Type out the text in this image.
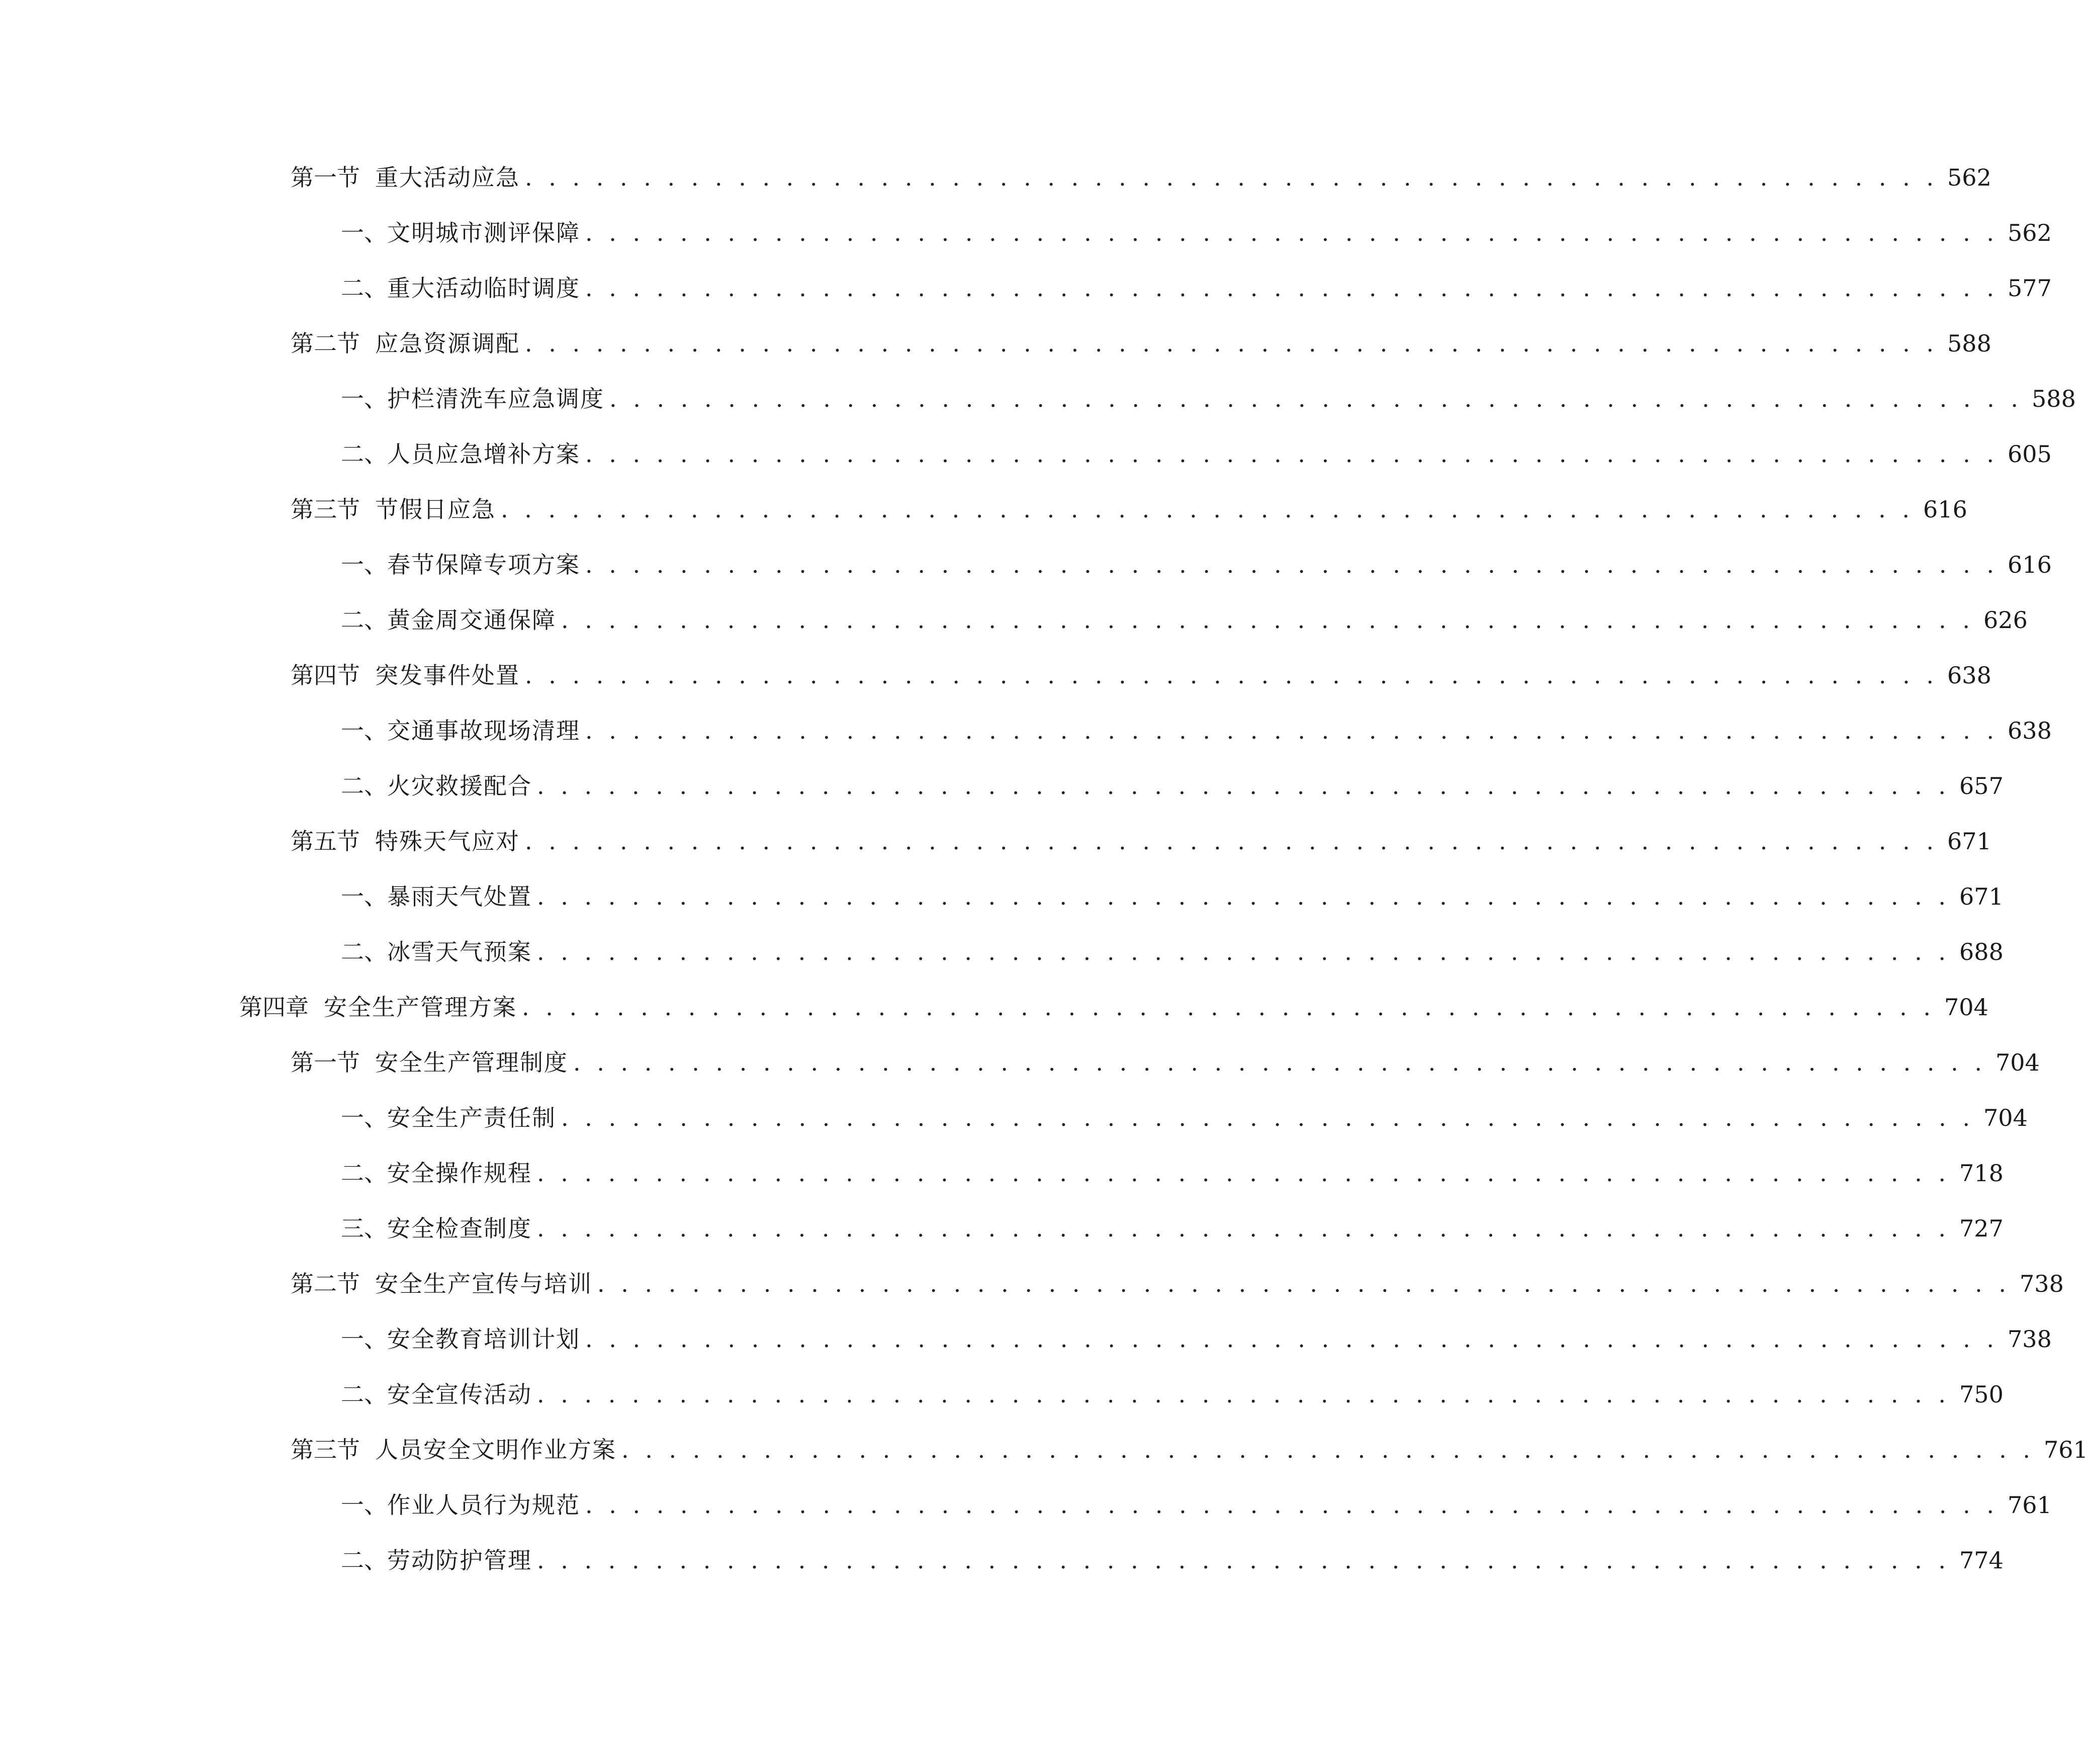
第一节 重大活动应急 . . . . . . . . . . . . . . . . . . . . . . . . . . . . . . . . . . . . . . . . . . . . . . . . . . . . . . . . . . . . 562
一、 文明城市测评保障 . . . . . . . . . . . . . . . . . . . . . . . . . . . . . . . . . . . . . . . . . . . . . . . . . . . . . . . . . . . . 562
二、 重大活动临时调度 . . . . . . . . . . . . . . . . . . . . . . . . . . . . . . . . . . . . . . . . . . . . . . . . . . . . . . . . . . . . 577
第二节 应急资源调配 . . . . . . . . . . . . . . . . . . . . . . . . . . . . . . . . . . . . . . . . . . . . . . . . . . . . . . . . . . . . 588
一、 护栏清洗车应急调度 . . . . . . . . . . . . . . . . . . . . . . . . . . . . . . . . . . . . . . . . . . . . . . . . . . . . . . . . . . . . 588
二、 人员应急增补方案 . . . . . . . . . . . . . . . . . . . . . . . . . . . . . . . . . . . . . . . . . . . . . . . . . . . . . . . . . . . . 605
第三节 节假日应急 . . . . . . . . . . . . . . . . . . . . . . . . . . . . . . . . . . . . . . . . . . . . . . . . . . . . . . . . . . . . 616
一、 春节保障专项方案 . . . . . . . . . . . . . . . . . . . . . . . . . . . . . . . . . . . . . . . . . . . . . . . . . . . . . . . . . . . . 616
二、 黄金周交通保障 . . . . . . . . . . . . . . . . . . . . . . . . . . . . . . . . . . . . . . . . . . . . . . . . . . . . . . . . . . . . 626
第四节 突发事件处置 . . . . . . . . . . . . . . . . . . . . . . . . . . . . . . . . . . . . . . . . . . . . . . . . . . . . . . . . . . . . 638
一、 交通事故现场清理 . . . . . . . . . . . . . . . . . . . . . . . . . . . . . . . . . . . . . . . . . . . . . . . . . . . . . . . . . . . . 638
二、 火灾救援配合 . . . . . . . . . . . . . . . . . . . . . . . . . . . . . . . . . . . . . . . . . . . . . . . . . . . . . . . . . . . . 657
第五节 特殊天气应对 . . . . . . . . . . . . . . . . . . . . . . . . . . . . . . . . . . . . . . . . . . . . . . . . . . . . . . . . . . . . 671
一、 暴雨天气处置 . . . . . . . . . . . . . . . . . . . . . . . . . . . . . . . . . . . . . . . . . . . . . . . . . . . . . . . . . . . . 671
二、 冰雪天气预案 . . . . . . . . . . . . . . . . . . . . . . . . . . . . . . . . . . . . . . . . . . . . . . . . . . . . . . . . . . . . 688
第四章 安全生产管理方案 . . . . . . . . . . . . . . . . . . . . . . . . . . . . . . . . . . . . . . . . . . . . . . . . . . . . . . . . . . . . 704
第一节 安全生产管理制度 . . . . . . . . . . . . . . . . . . . . . . . . . . . . . . . . . . . . . . . . . . . . . . . . . . . . . . . . . . . . 704
一、 安全生产责任制 . . . . . . . . . . . . . . . . . . . . . . . . . . . . . . . . . . . . . . . . . . . . . . . . . . . . . . . . . . . . 704
二、 安全操作规程 . . . . . . . . . . . . . . . . . . . . . . . . . . . . . . . . . . . . . . . . . . . . . . . . . . . . . . . . . . . . 718
三、 安全检查制度 . . . . . . . . . . . . . . . . . . . . . . . . . . . . . . . . . . . . . . . . . . . . . . . . . . . . . . . . . . . . 727
第二节 安全生产宣传与培训 . . . . . . . . . . . . . . . . . . . . . . . . . . . . . . . . . . . . . . . . . . . . . . . . . . . . . . . . . . . . 738
一、 安全教育培训计划 . . . . . . . . . . . . . . . . . . . . . . . . . . . . . . . . . . . . . . . . . . . . . . . . . . . . . . . . . . . . 738
二、 安全宣传活动 . . . . . . . . . . . . . . . . . . . . . . . . . . . . . . . . . . . . . . . . . . . . . . . . . . . . . . . . . . . . 750
第三节 人员安全文明作业方案 . . . . . . . . . . . . . . . . . . . . . . . . . . . . . . . . . . . . . . . . . . . . . . . . . . . . . . . . . . . . 761
一、 作业人员行为规范 . . . . . . . . . . . . . . . . . . . . . . . . . . . . . . . . . . . . . . . . . . . . . . . . . . . . . . . . . . . . 761
二、 劳动防护管理 . . . . . . . . . . . . . . . . . . . . . . . . . . . . . . . . . . . . . . . . . . . . . . . . . . . . . . . . . . . . 774
